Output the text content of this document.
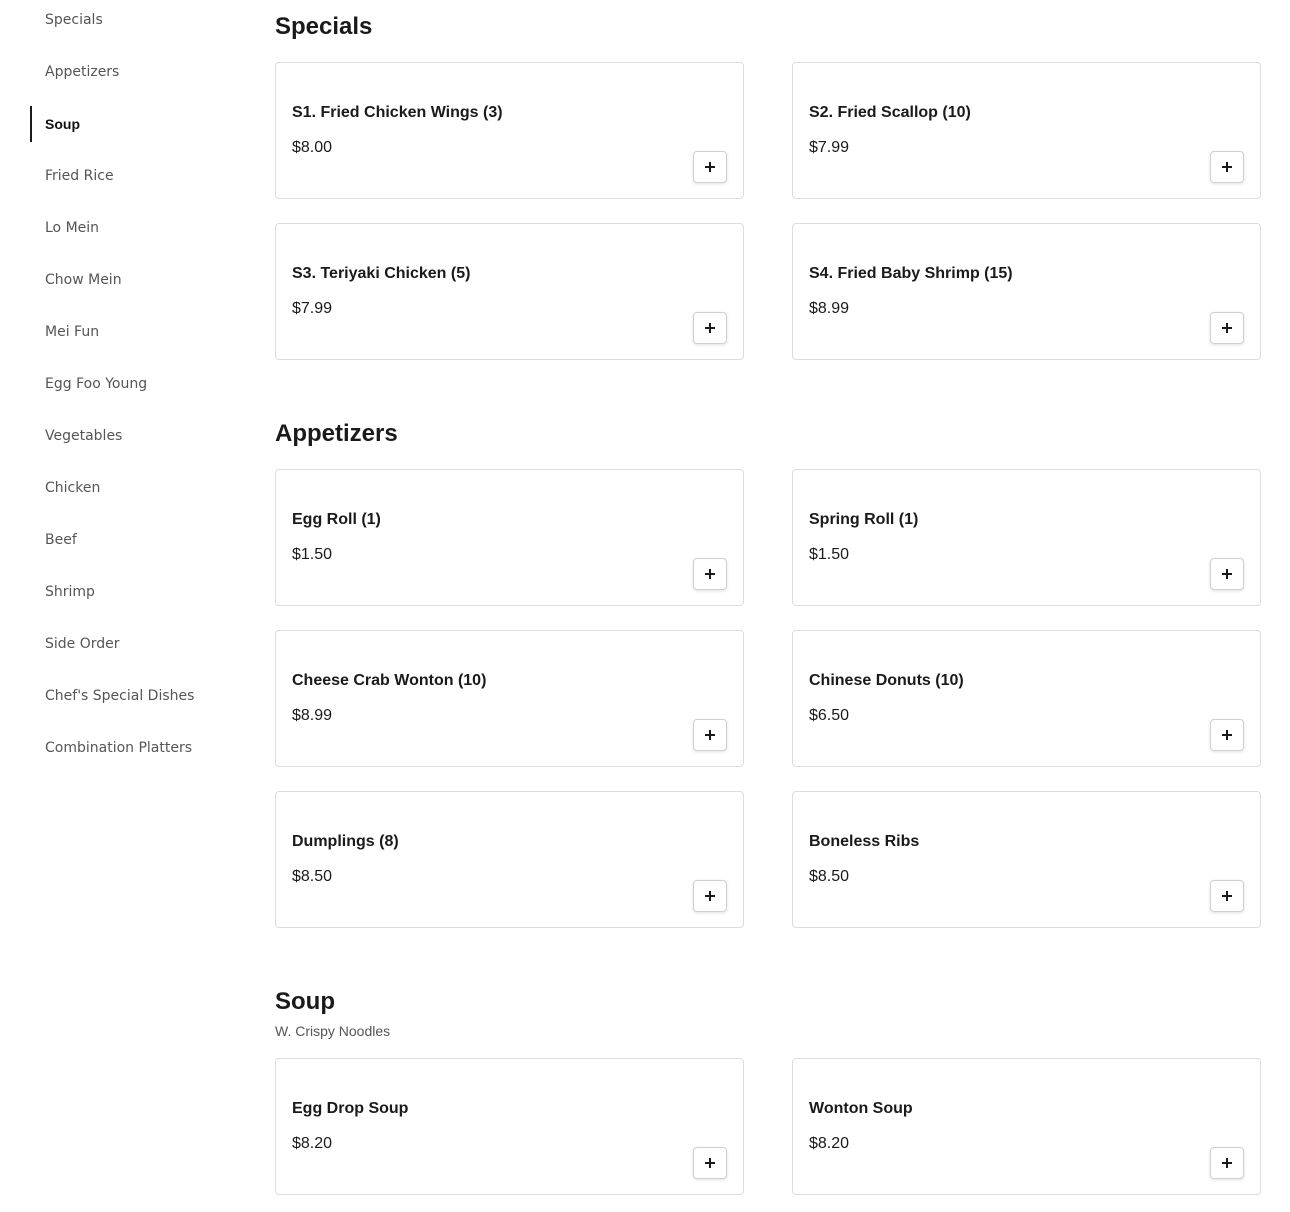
Specials
Appetizers
Soup
Fried Rice
Lo Mein
Chow Mein
Mei Fun
Egg Foo Young
Vegetables
Chicken
Beef
Shrimp
Side Order
Chef's Special Dishes
Combination Platters
Specials
S1. Fried Chicken Wings (3)
$8.00
S2. Fried Scallop (10)
$7.99
S3. Teriyaki Chicken (5)
$7.99
S4. Fried Baby Shrimp (15)
$8.99
Appetizers
Egg Roll (1)
$1.50
Spring Roll (1)
$1.50
Cheese Crab Wonton (10)
$8.99
Chinese Donuts (10)
$6.50
Dumplings (8)
$8.50
Boneless Ribs
$8.50
Soup
W. Crispy Noodles
Egg Drop Soup
$8.20
Wonton Soup
$8.20
